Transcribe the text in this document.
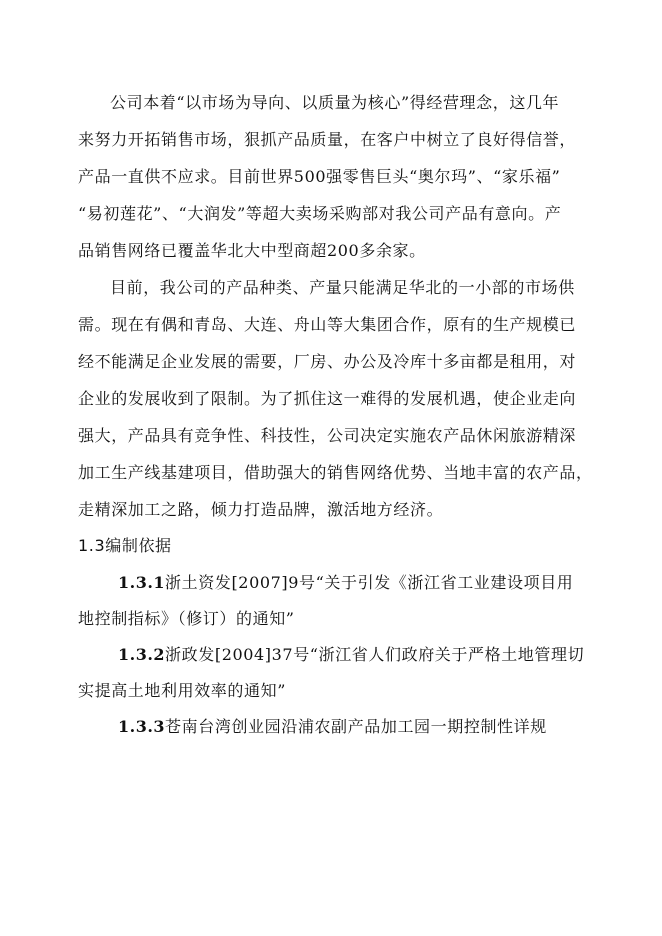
公司本着“以市场为导向、以质量为核心”得经营理念，这几年
来努力开拓销售市场，狠抓产品质量，在客户中树立了良好得信誉，
产品一直供不应求。目前世界500强零售巨头“奥尔玛”、“家乐福”
“易初莲花”、“大润发”等超大卖场采购部对我公司产品有意向。产
品销售网络已覆盖华北大中型商超200多余家。
目前，我公司的产品种类、产量只能满足华北的一小部的市场供
需。现在有偶和青岛、大连、舟山等大集团合作，原有的生产规模已
经不能满足企业发展的需要，厂房、办公及冷库十多亩都是租用，对
企业的发展收到了限制。为了抓住这一难得的发展机遇，使企业走向
强大，产品具有竞争性、科技性，公司决定实施农产品休闲旅游精深
加工生产线基建项目，借助强大的销售网络优势、当地丰富的农产品，
走精深加工之路，倾力打造品牌，激活地方经济。
1.3编制依据
1.3.1浙土资发[2007]9号“关于引发《浙江省工业建设项目用
地控制指标》（修订）的通知”
1.3.2浙政发[2004]37号“浙江省人们政府关于严格土地管理切
实提高土地利用效率的通知”
1.3.3苍南台湾创业园沿浦农副产品加工园一期控制性详规
